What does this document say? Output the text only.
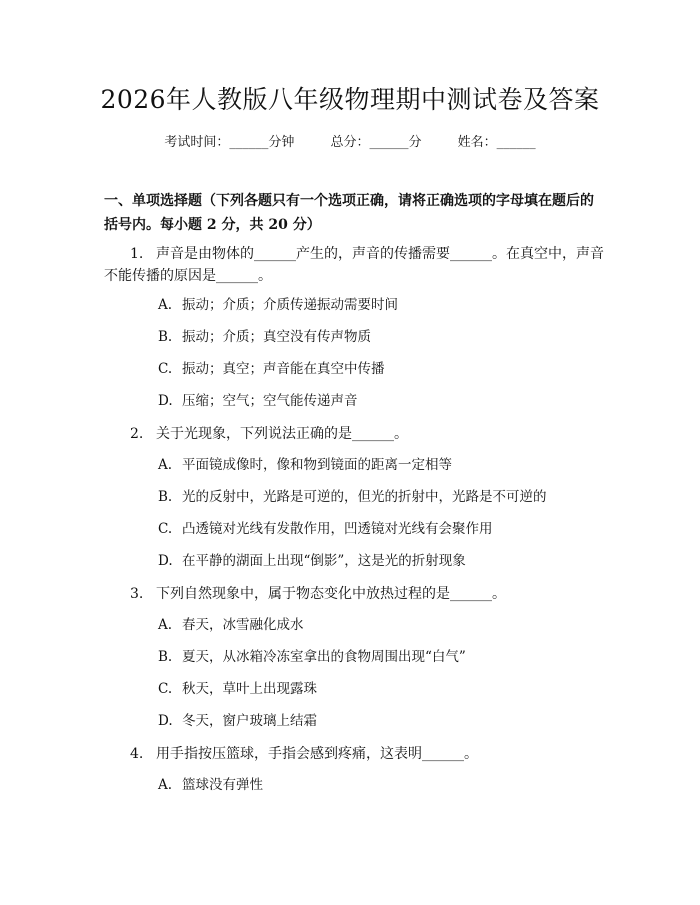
2026年人教版八年级物理期中测试卷及答案
考试时间：______分钟	总分：______分	姓名：______
一、单项选择题（下列各题只有一个选项正确，请将正确选项的字母填在题后的
括号内。每小题 2 分，共 20 分）
1. 声音是由物体的______产生的，声音的传播需要______。在真空中，声音
不能传播的原因是______。
A. 振动；介质；介质传递振动需要时间
B. 振动；介质；真空没有传声物质
C. 振动；真空；声音能在真空中传播
D. 压缩；空气；空气能传递声音
2. 关于光现象，下列说法正确的是______。
A. 平面镜成像时，像和物到镜面的距离一定相等
B. 光的反射中，光路是可逆的，但光的折射中，光路是不可逆的
C. 凸透镜对光线有发散作用，凹透镜对光线有会聚作用
D. 在平静的湖面上出现“倒影”，这是光的折射现象
3. 下列自然现象中，属于物态变化中放热过程的是______。
A. 春天，冰雪融化成水
B. 夏天，从冰箱冷冻室拿出的食物周围出现“白气”
C. 秋天，草叶上出现露珠
D. 冬天，窗户玻璃上结霜
4. 用手指按压篮球，手指会感到疼痛，这表明______。
A. 篮球没有弹性
